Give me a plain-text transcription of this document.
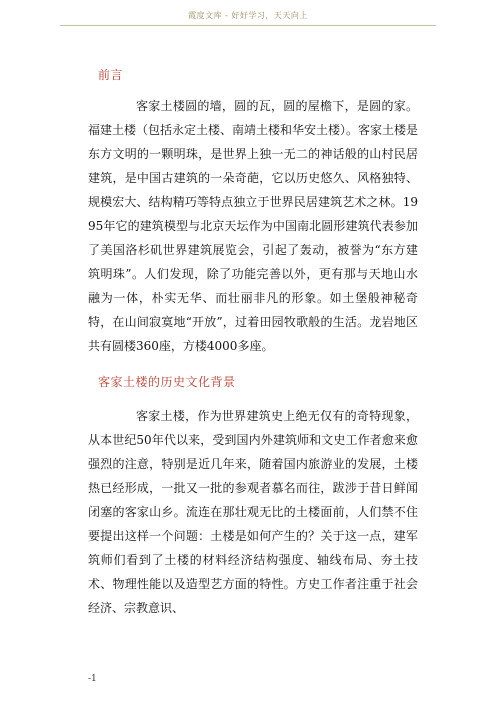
霞度文库 - 好好学习，天天向上
前言
客家土楼圆的墙，圆的瓦，圆的屋檐下，是圆的家。福建土楼（包括永定土楼、南靖土楼和华安土楼）。客家土楼是东方文明的一颗明珠，是世界上独一无二的神话般的山村民居建筑，是中国古建筑的一朵奇葩，它以历史悠久、风格独特、规模宏大、结构精巧等特点独立于世界民居建筑艺术之林。1995年它的建筑模型与北京天坛作为中国南北圆形建筑代表参加了美国洛杉矶世界建筑展览会，引起了轰动，被誉为“东方建筑明珠”。人们发现，除了功能完善以外，更有那与天地山水融为一体，朴实无华、而壮丽非凡的形象。如土堡般神秘奇特，在山间寂寞地“开放”，过着田园牧歌般的生活。龙岩地区共有圆楼360座，方楼4000多座。
客家土楼的历史文化背景
客家土楼，作为世界建筑史上绝无仅有的奇特现象，从本世纪50年代以来，受到国内外建筑师和文史工作者愈来愈强烈的注意，特别是近几年来，随着国内旅游业的发展，土楼热已经形成，一批又一批的参观者慕名而往，跋涉于昔日鲜闻闭塞的客家山乡。流连在那壮观无比的土楼面前，人们禁不住要提出这样一个问题：土楼是如何产生的？关于这一点，建军筑师们看到了土楼的材料经济结构强度、轴线布局、夯土技术、物理性能以及造型艺方面的特性。方史工作者注重于社会经济、宗教意识、
-1
